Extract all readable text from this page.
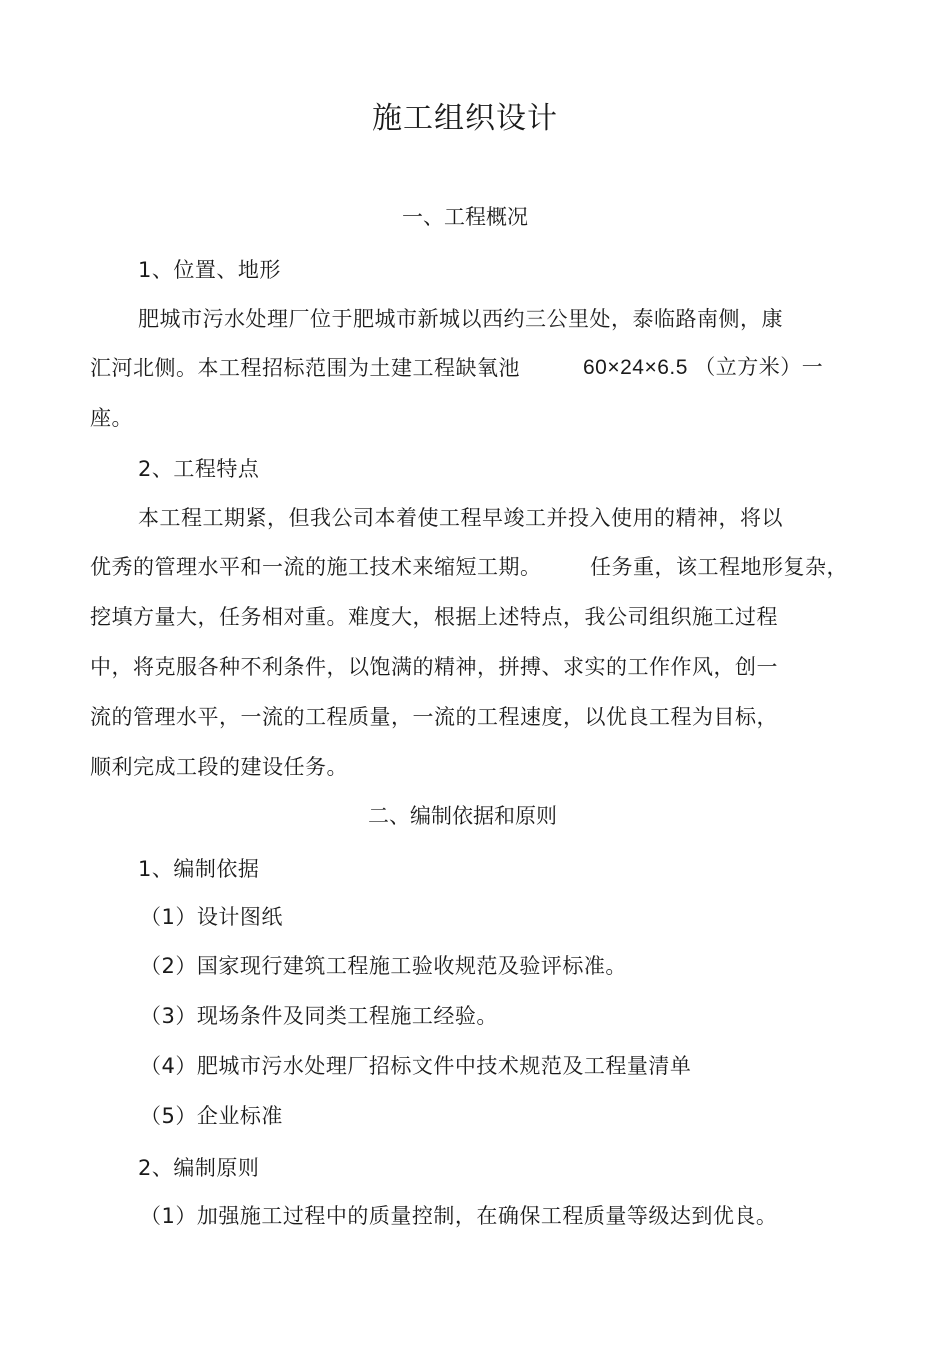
施工组织设计
一、工程概况
1、位置、地形
肥城市污水处理厂位于肥城市新城以西约三公里处，泰临路南侧，康
汇河北侧。本工程招标范围为土建工程缺氧池	60×24×6.5 （立方米）一
座。
2、工程特点
本工程工期紧，但我公司本着使工程早竣工并投入使用的精神，将以
优秀的管理水平和一流的施工技术来缩短工期。 任务重，该工程地形复杂，
挖填方量大，任务相对重。难度大，根据上述特点，我公司组织施工过程
中，将克服各种不利条件，以饱满的精神，拼搏、求实的工作作风，创一
流的管理水平，一流的工程质量，一流的工程速度，以优良工程为目标，
顺利完成工段的建设任务。
二、编制依据和原则
1、编制依据
（1）设计图纸
（2）国家现行建筑工程施工验收规范及验评标准。
（3）现场条件及同类工程施工经验。
（4）肥城市污水处理厂招标文件中技术规范及工程量清单
（5）企业标准
2、编制原则
（1）加强施工过程中的质量控制，在确保工程质量等级达到优良。
